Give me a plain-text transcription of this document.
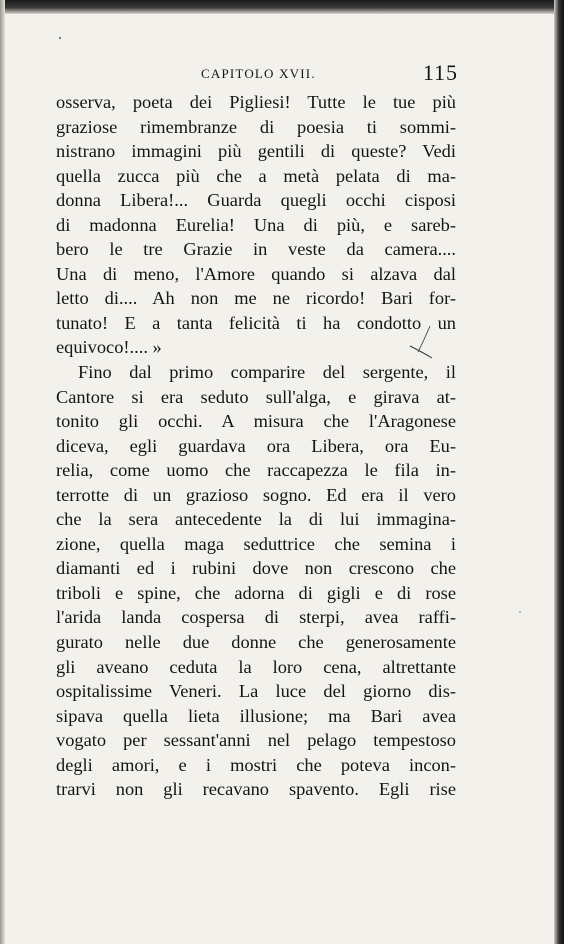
CAPITOLO XVII.	115
osserva, poeta dei Pigliesi! Tutte le tue più
graziose rimembranze di poesia ti sommi-
nistrano immagini più gentili di queste? Vedi
quella zucca più che a metà pelata di ma-
donna Libera!... Guarda quegli occhi cisposi
di madonna Eurelia! Una di più, e sareb-
bero le tre Grazie in veste da camera....
Una di meno, l'Amore quando si alzava dal
letto di.... Ah non me ne ricordo! Bari for-
tunato! E a tanta felicità ti ha condotto un
equivoco!.... »
Fino dal primo comparire del sergente, il
Cantore si era seduto sull'alga, e girava at-
tonito gli occhi. A misura che l'Aragonese
diceva, egli guardava ora Libera, ora Eu-
relia, come uomo che raccapezza le fila in-
terrotte di un grazioso sogno. Ed era il vero
che la sera antecedente la di lui immagina-
zione, quella maga seduttrice che semina i
diamanti ed i rubini dove non crescono che
triboli e spine, che adorna di gigli e di rose
l'arida landa cospersa di sterpi, avea raffi-
gurato nelle due donne che generosamente
gli aveano ceduta la loro cena, altrettante
ospitalissime Veneri. La luce del giorno dis-
sipava quella lieta illusione; ma Bari avea
vogato per sessant'anni nel pelago tempestoso
degli amori, e i mostri che poteva incon-
trarvi non gli recavano spavento. Egli rise
